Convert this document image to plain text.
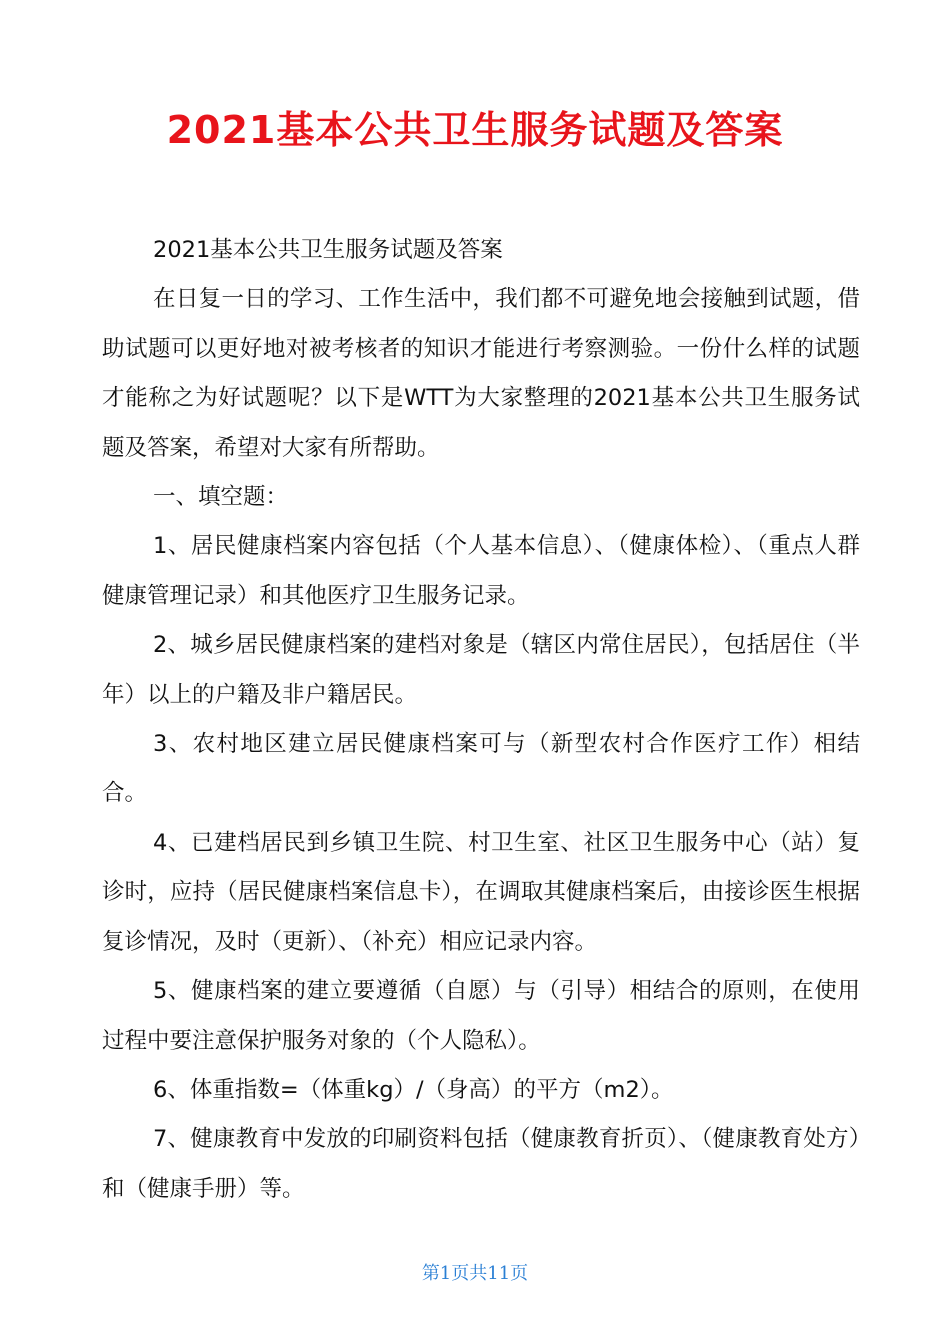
2021基本公共卫生服务试题及答案

2021基本公共卫生服务试题及答案

在日复一日的学习、工作生活中，我们都不可避免地会接触到试题，借助试题可以更好地对被考核者的知识才能进行考察测验。一份什么样的试题才能称之为好试题呢？以下是WTT为大家整理的2021基本公共卫生服务试题及答案，希望对大家有所帮助。

一、填空题：

1、居民健康档案内容包括（个人基本信息）、（健康体检）、（重点人群健康管理记录）和其他医疗卫生服务记录。

2、城乡居民健康档案的建档对象是（辖区内常住居民），包括居住（半年）以上的户籍及非户籍居民。

3、农村地区建立居民健康档案可与（新型农村合作医疗工作）相结合。

4、已建档居民到乡镇卫生院、村卫生室、社区卫生服务中心（站）复诊时，应持（居民健康档案信息卡），在调取其健康档案后，由接诊医生根据复诊情况，及时（更新）、（补充）相应记录内容。

5、健康档案的建立要遵循（自愿）与（引导）相结合的原则，在使用过程中要注意保护服务对象的（个人隐私）。

6、体重指数=（体重kg）/（身高）的平方（m2）。

7、健康教育中发放的印刷资料包括（健康教育折页）、（健康教育处方）和（健康手册）等。

第1页共11页
